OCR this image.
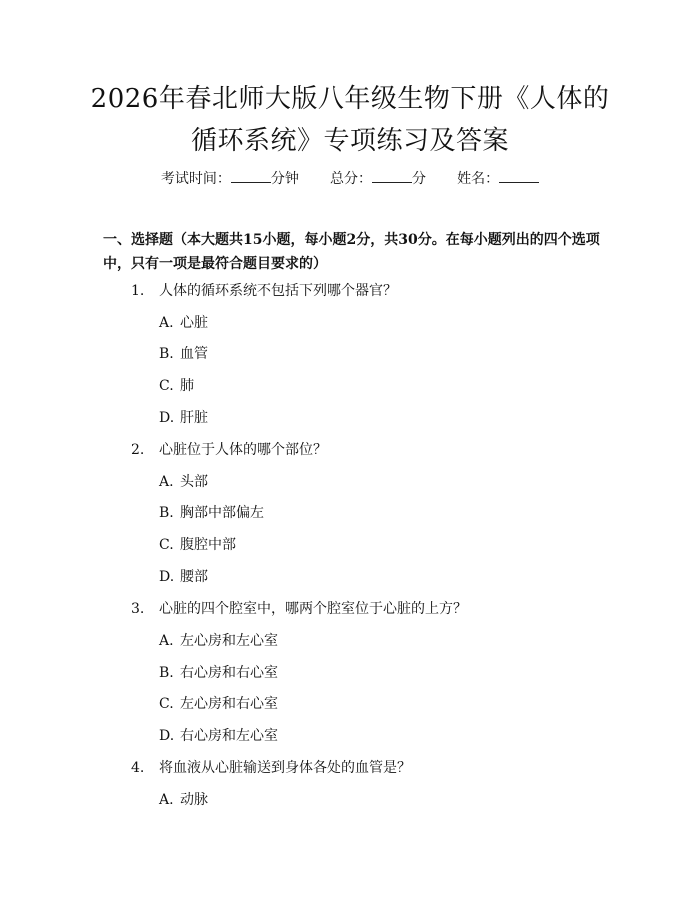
2026年春北师大版八年级生物下册《人体的
循环系统》专项练习及答案
考试时间：	分钟 总分：	分 姓名：

一、选择题（本大题共15小题，每小题2分，共30分。在每小题列出的四个选项中，只有一项是最符合题目要求的）

1. 人体的循环系统不包括下列哪个器官？
A. 心脏
B. 血管
C. 肺
D. 肝脏
2. 心脏位于人体的哪个部位？
A. 头部
B. 胸部中部偏左
C. 腹腔中部
D. 腰部
3. 心脏的四个腔室中，哪两个腔室位于心脏的上方？
A. 左心房和左心室
B. 右心房和右心室
C. 左心房和右心室
D. 右心房和左心室
4. 将血液从心脏输送到身体各处的血管是？
A. 动脉
